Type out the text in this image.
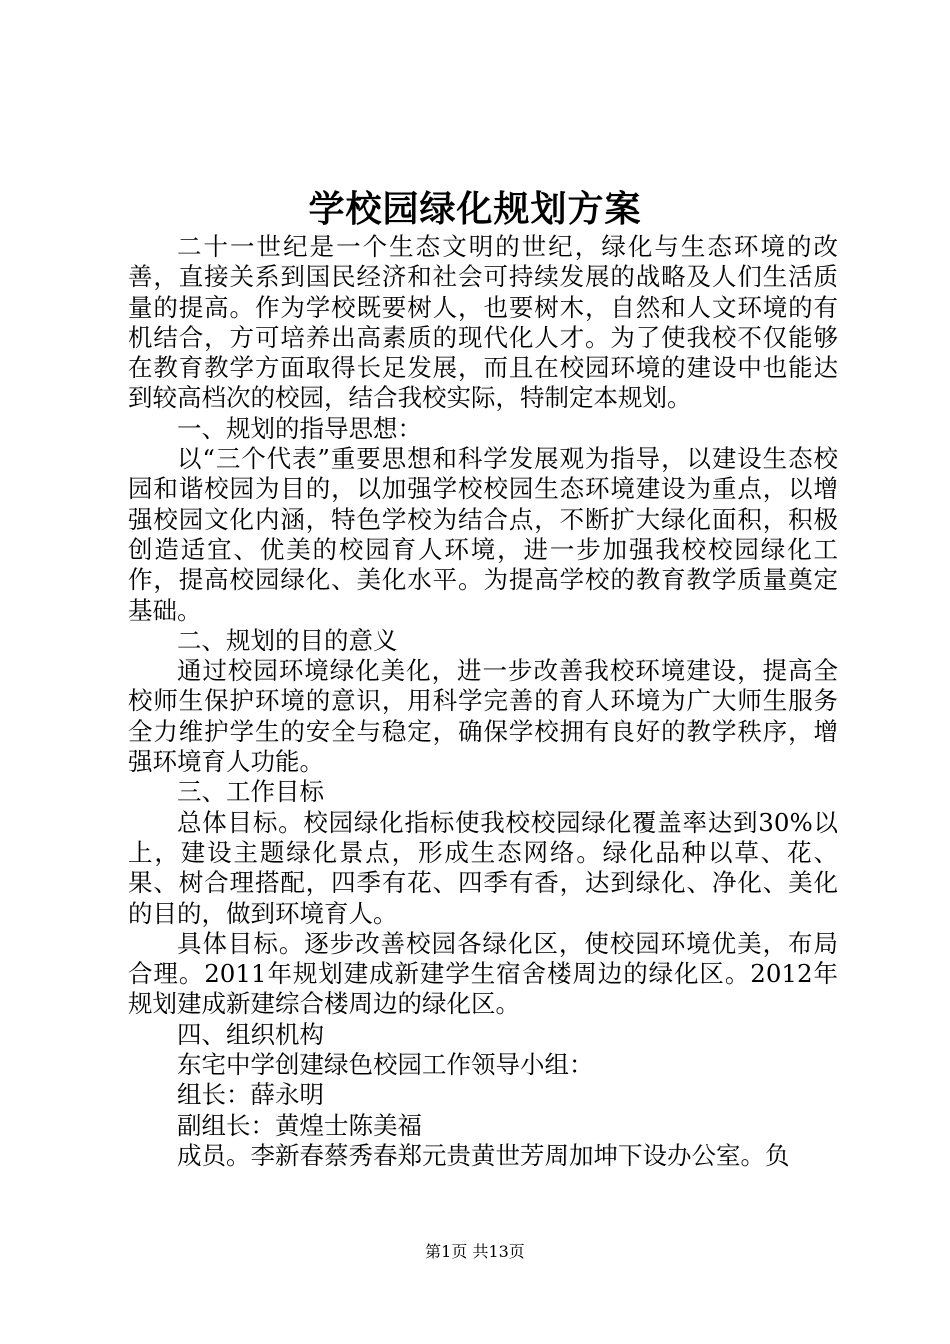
学校园绿化规划方案

二十一世纪是一个生态文明的世纪，绿化与生态环境的改善，直接关系到国民经济和社会可持续发展的战略及人们生活质量的提高。作为学校既要树人，也要树木，自然和人文环境的有机结合，方可培养出高素质的现代化人才。为了使我校不仅能够在教育教学方面取得长足发展，而且在校园环境的建设中也能达到较高档次的校园，结合我校实际，特制定本规划。

一、规划的指导思想：

以“三个代表”重要思想和科学发展观为指导，以建设生态校园和谐校园为目的，以加强学校校园生态环境建设为重点，以增强校园文化内涵，特色学校为结合点，不断扩大绿化面积，积极创造适宜、优美的校园育人环境，进一步加强我校校园绿化工作，提高校园绿化、美化水平。为提高学校的教育教学质量奠定基础。

二、规划的目的意义

通过校园环境绿化美化，进一步改善我校环境建设，提高全校师生保护环境的意识，用科学完善的育人环境为广大师生服务全力维护学生的安全与稳定，确保学校拥有良好的教学秩序，增强环境育人功能。

三、工作目标

总体目标。校园绿化指标使我校校园绿化覆盖率达到30%以上，建设主题绿化景点，形成生态网络。绿化品种以草、花、果、树合理搭配，四季有花、四季有香，达到绿化、净化、美化的目的，做到环境育人。

具体目标。逐步改善校园各绿化区，使校园环境优美，布局合理。2011年规划建成新建学生宿舍楼周边的绿化区。2012年规划建成新建综合楼周边的绿化区。

四、组织机构

东宅中学创建绿色校园工作领导小组：

组长：薛永明

副组长：黄煌士陈美福

成员。李新春蔡秀春郑元贵黄世芳周加坤下设办公室。负

第1页 共13页
